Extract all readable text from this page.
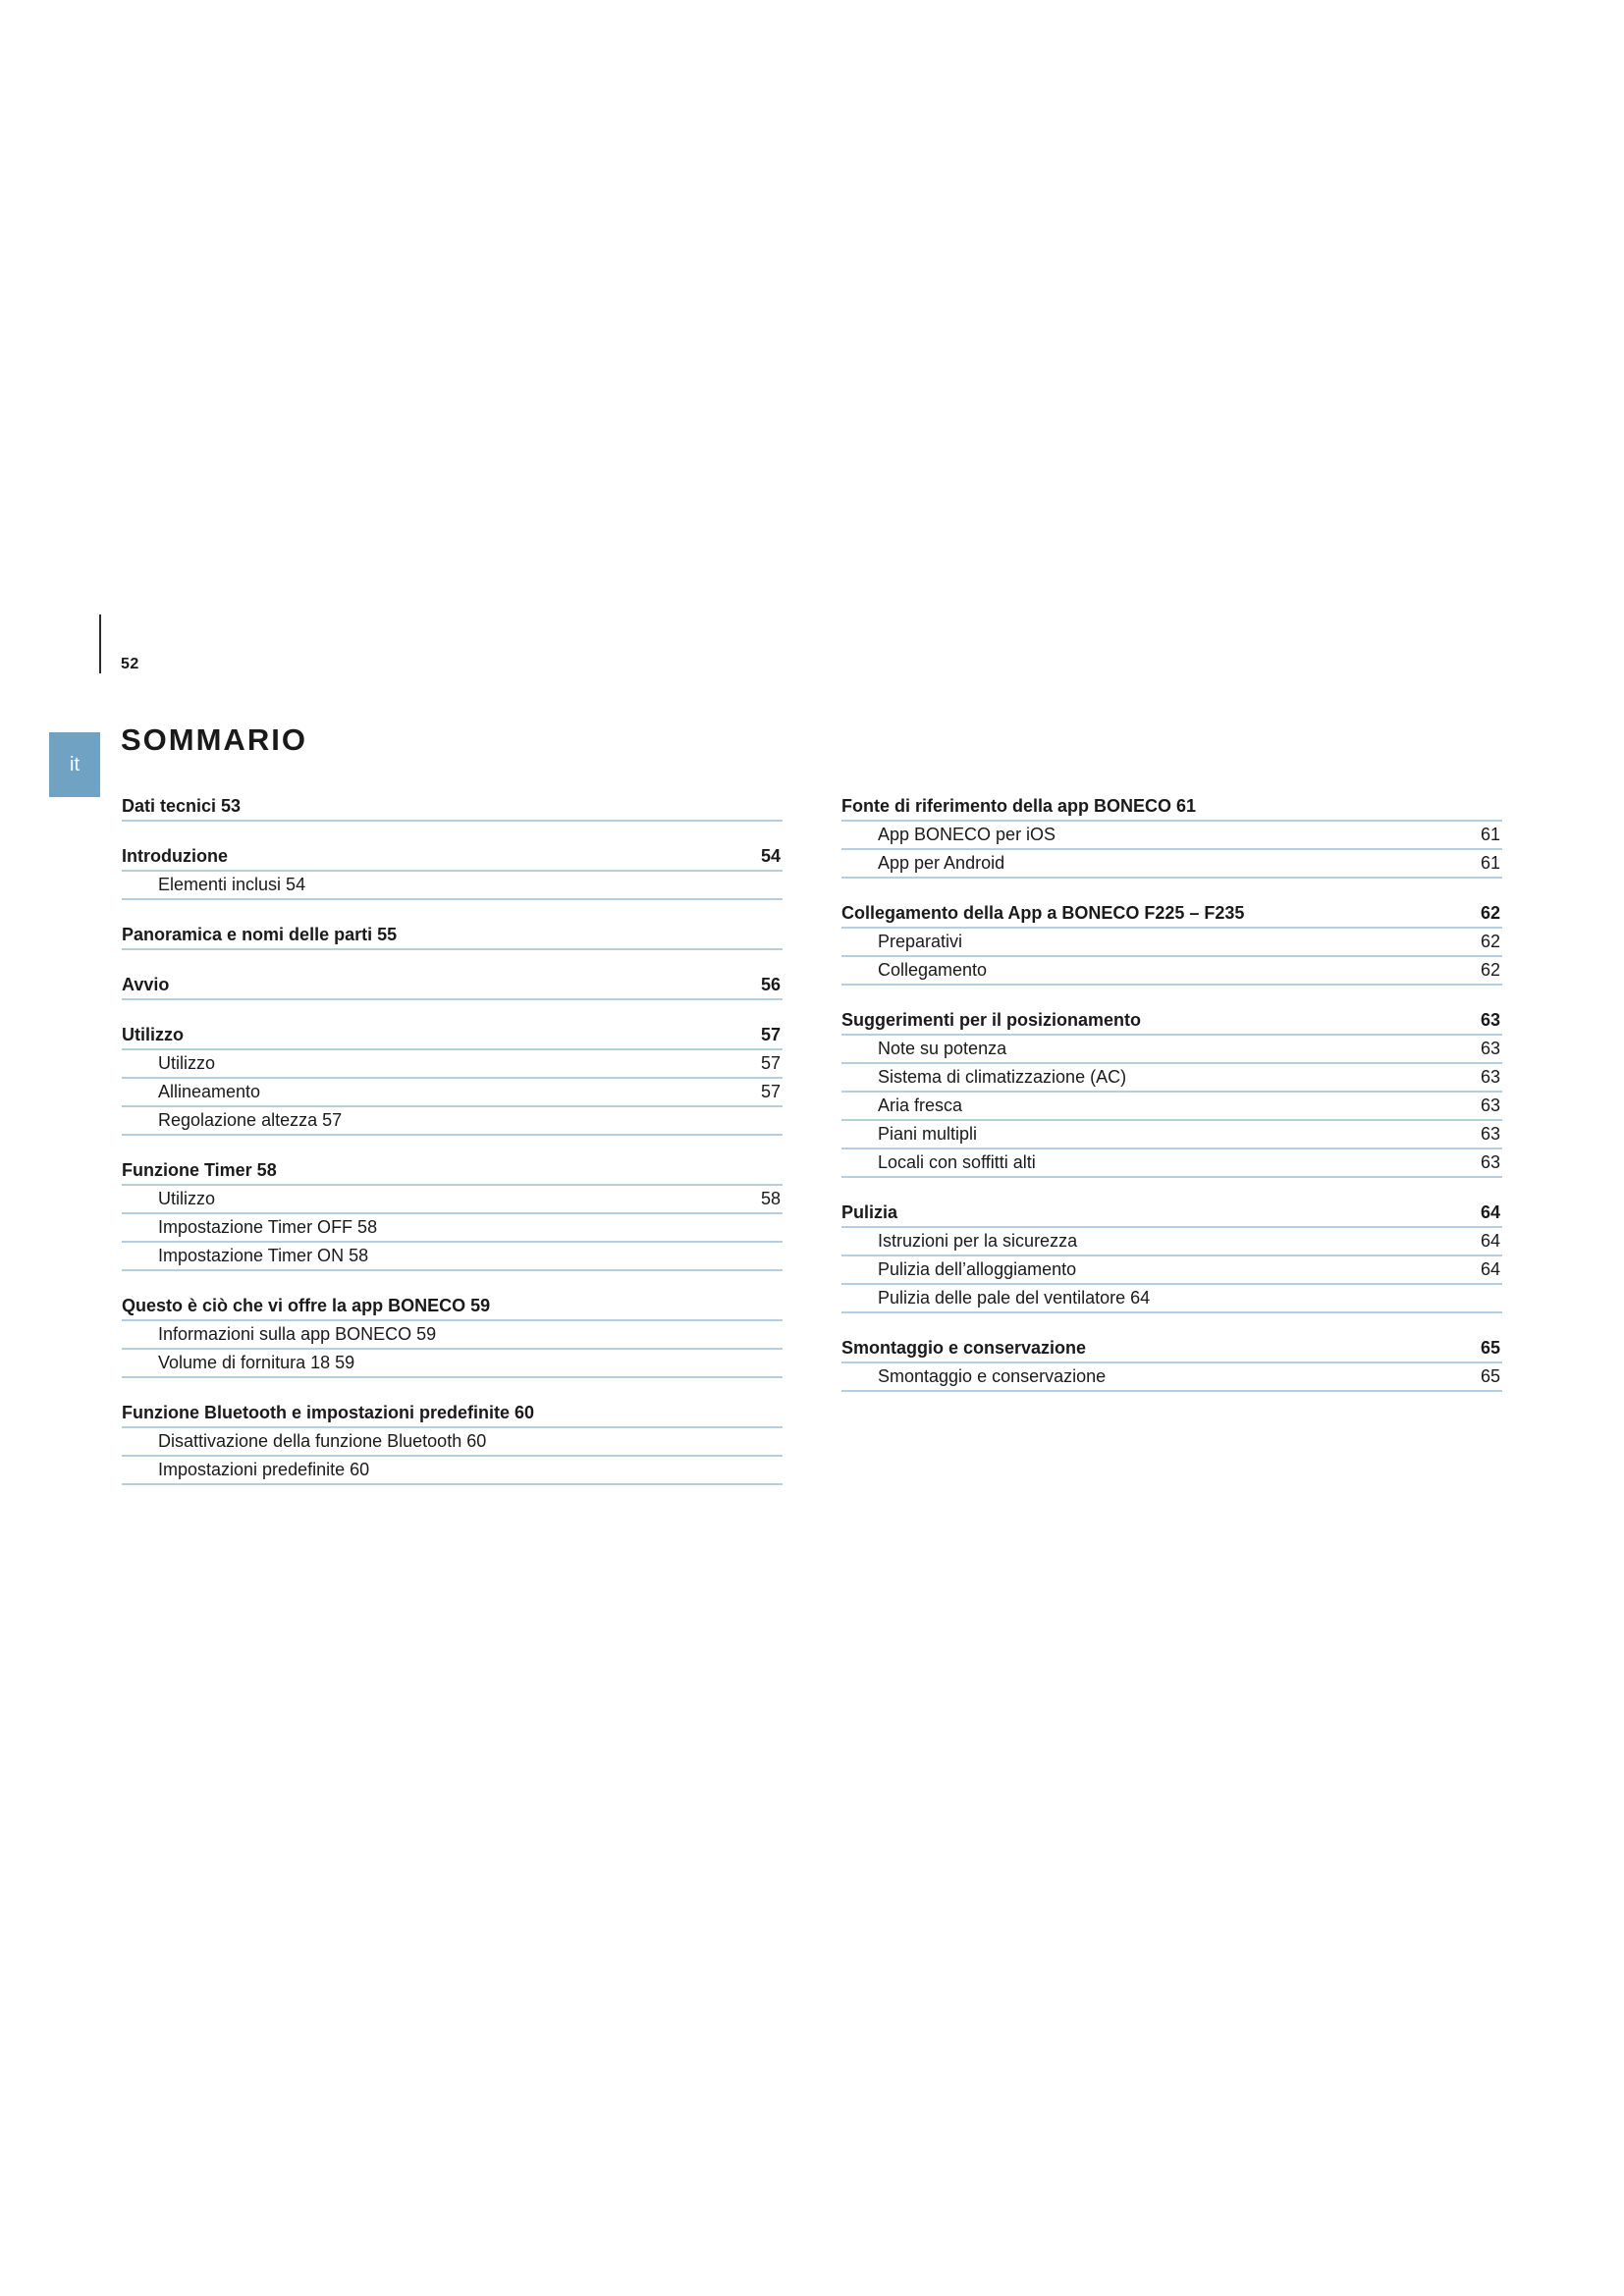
52
it
SOMMARIO
Dati tecnici 53
Introduzione	54
Elementi inclusi 54
Panoramica e nomi delle parti 55
Avvio	56
Utilizzo	57
Utilizzo	57
Allineamento	57
Regolazione altezza 57
Funzione Timer 58
Utilizzo	58
Impostazione Timer OFF 58
Impostazione Timer ON 58
Questo è ciò che vi offre la app BONECO 59
Informazioni sulla app BONECO 59
Volume di fornitura 18 59
Funzione Bluetooth e impostazioni predefinite 60
Disattivazione della funzione Bluetooth 60
Impostazioni predefinite 60
Fonte di riferimento della app BONECO 61
App BONECO per iOS	61
App per Android	61
Collegamento della App a BONECO F225 – F235	62
Preparativi	62
Collegamento	62
Suggerimenti per il posizionamento	63
Note su potenza	63
Sistema di climatizzazione (AC)	63
Aria fresca	63
Piani multipli	63
Locali con soffitti alti	63
Pulizia	64
Istruzioni per la sicurezza	64
Pulizia dell’alloggiamento	64
Pulizia delle pale del ventilatore 64
Smontaggio e conservazione	65
Smontaggio e conservazione	65
